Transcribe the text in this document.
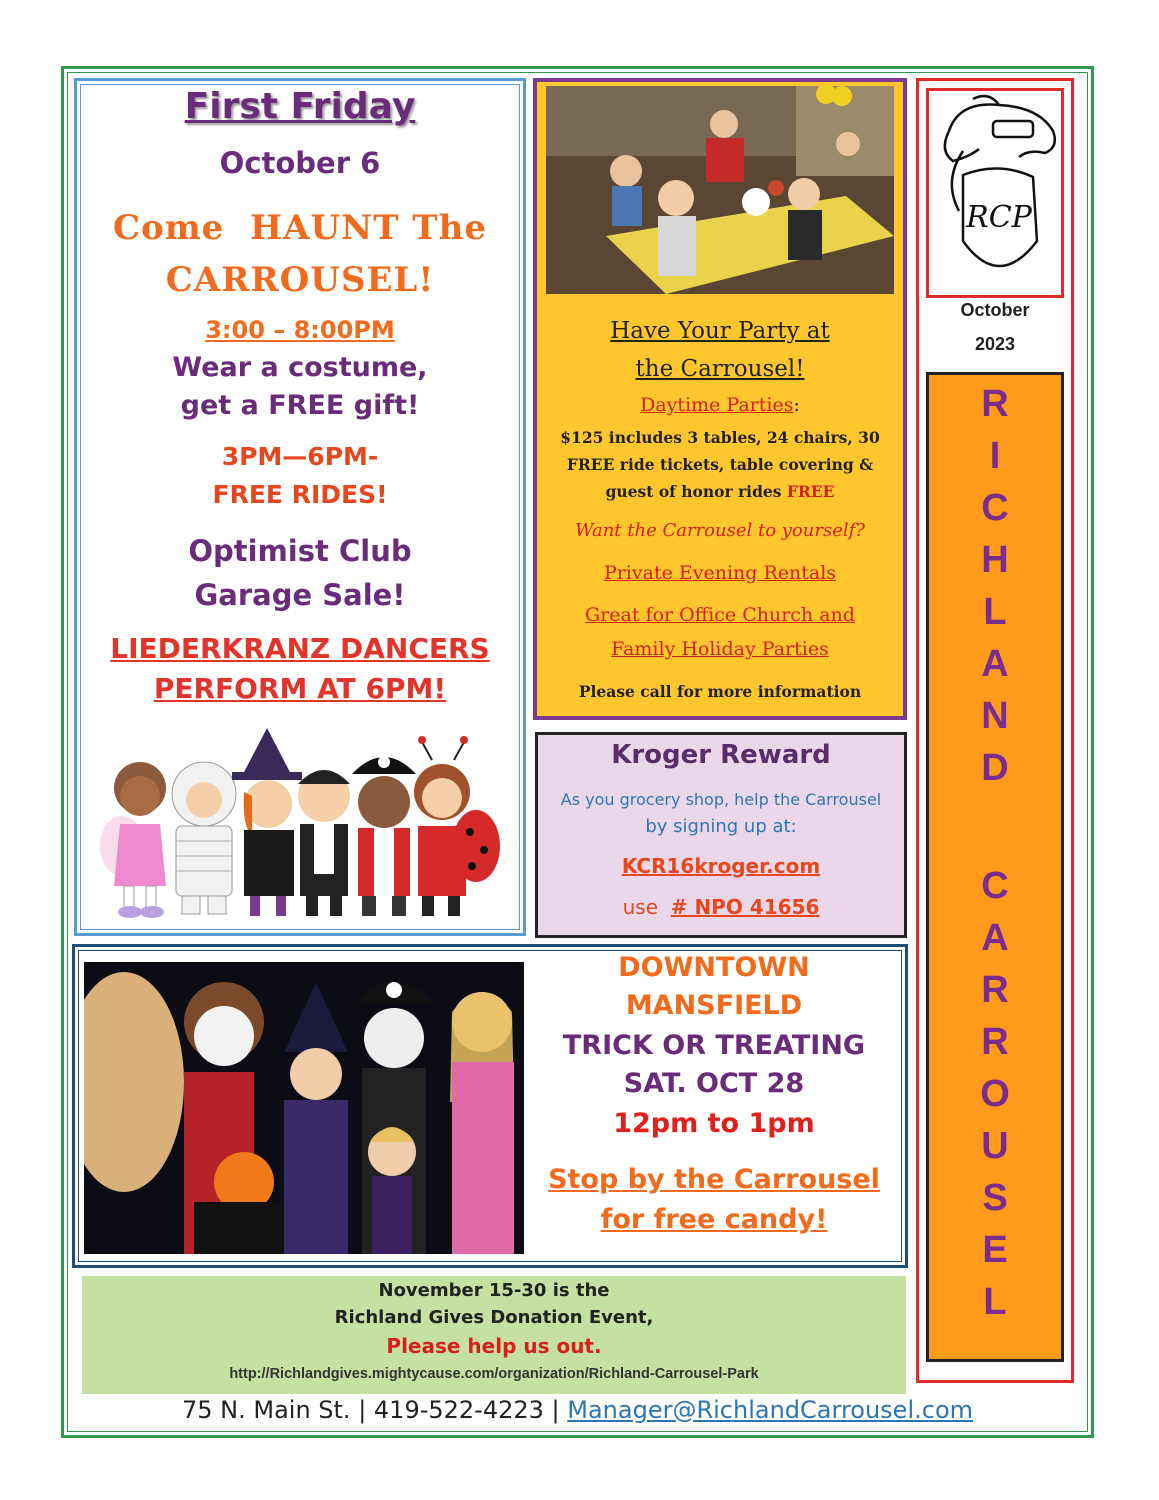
First Friday
October 6
Come  HAUNT The
CARROUSEL!
3:00 – 8:00PM
Wear a costume,
get a FREE gift!
3PM—6PM-
FREE RIDES!
Optimist Club
Garage Sale!
LIEDERKRANZ DANCERS
PERFORM AT 6PM!
Have Your Party at
the Carrousel!
Daytime Parties:
$125 includes 3 tables, 24 chairs, 30
FREE ride tickets, table covering &
guest of honor rides FREE
Want the Carrousel to yourself?
Private Evening Rentals
Great for Office Church and
Family Holiday Parties
Please call for more information
Kroger Reward
As you grocery shop, help the Carrousel
by signing up at:
KCR16kroger.com
use  # NPO 41656
DOWNTOWN
MANSFIELD
TRICK OR TREATING
SAT. OCT 28
12pm to 1pm
Stop by the Carrousel
for free candy!
November 15-30 is the
Richland Gives Donation Event,
Please help us out.
http://Richlandgives.mightycause.com/organization/Richland-Carrousel-Park
RCP
October
2023
R
I
C
H
L
A
N
D
C
A
R
R
O
U
S
E
L
75 N. Main St. | 419-522-4223 | Manager@RichlandCarrousel.com
